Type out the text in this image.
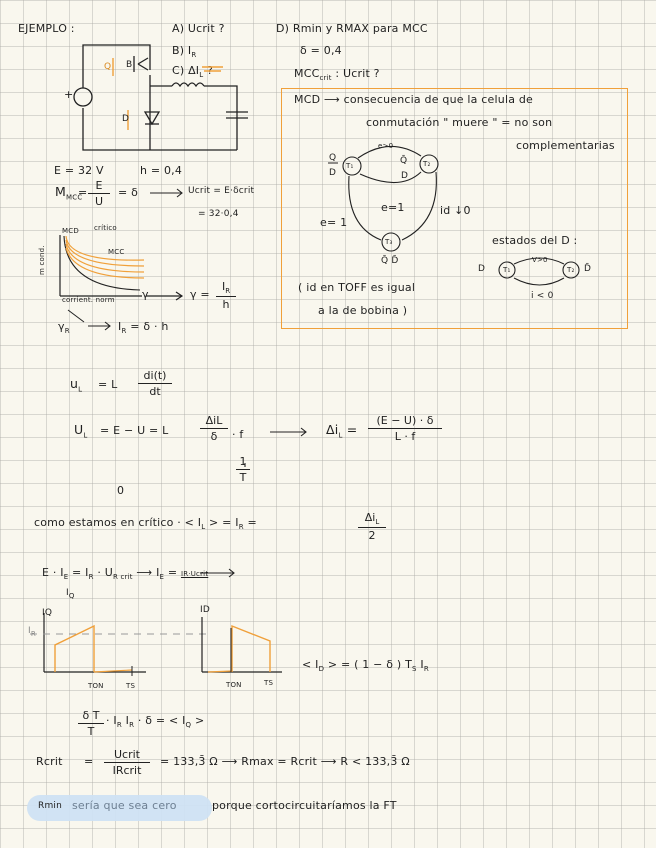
EJEMPLO :	A) Ucrit ?
B) $I_R$
C) $\Delta I_L$ ?
D) Rmin y RMAX para MCC
δ = 0,4
$MCC_{crit}$ : Ucrit ?
B
+
Q
D
MCD ⟶ consecuencia de que la celula de
conmutación " muere " = no son
complementarias
Q
D
T₁	T₂
T₃
e>0
Q̄
D
e=1
e= 1
id ↓0
Q̄ D̄
estados del D :
D	T₁
V>0
T₂ D̄
i < 0
( id en TOFF es igual
a la de bobina )
E = 32 V	h = 0,4
$M_{MCC}$
= $\frac{E}{U} = \delta$	Ucrit = E·δcrit
= 32·0,4
MCD crítico
MCC
m cond.
corrient. norm γ	$\gamma = \frac{I_R}{h}$
$\gamma_R$	$I_R = \delta \cdot h$
$u_L = L \frac{di(t)}{dt}$
$U_L = E - U = L$
ΔiL
δ	· f
$\frac{1}{T}$
$\Delta i_L = \frac{(E - U) \cdot \delta}{L \cdot f}$
0
como estamos en crítico · < $I_L$ > = $I_R$ =	$\Delta i_L$
2
$E \cdot I_E = I_R \cdot U_{R crit}$ ⟶ $I_E$ = IR·Ucrit
$I_Q$
IQ
$I_R$
ID
TON	TS	TON	TS
< $I_D$ > = ( 1 − δ ) $T_S$ $I_R$
$\frac{\text{δ T}}{T} \cdot I_R$ $I_R \cdot \delta$ = < $I_Q$ >
Rcrit =
Ucrit
IRcrit
= 133,3̄ Ω ⟶ Rmax = Rcrit ⟶ R < 133,3̄ Ω
Rmin sería que sea cero	porque cortocircuitaríamos la FT
